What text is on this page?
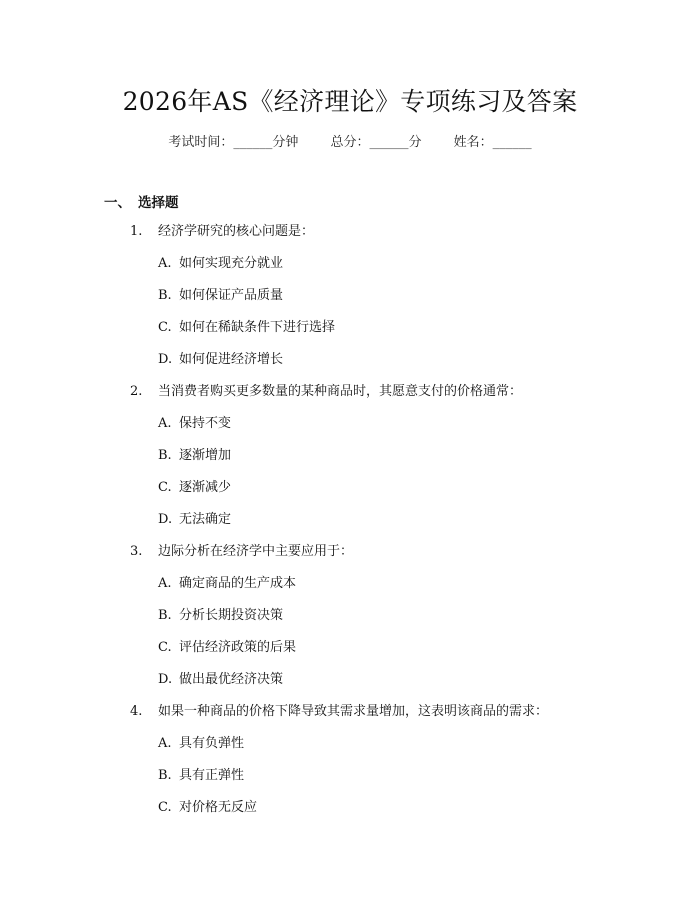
2026年AS《经济理论》专项练习及答案
考试时间：______分钟 总分：______分 姓名：______
一、 选择题
1. 经济学研究的核心问题是：
A. 如何实现充分就业
B. 如何保证产品质量
C. 如何在稀缺条件下进行选择
D. 如何促进经济增长
2. 当消费者购买更多数量的某种商品时，其愿意支付的价格通常：
A. 保持不变
B. 逐渐增加
C. 逐渐减少
D. 无法确定
3. 边际分析在经济学中主要应用于：
A. 确定商品的生产成本
B. 分析长期投资决策
C. 评估经济政策的后果
D. 做出最优经济决策
4. 如果一种商品的价格下降导致其需求量增加，这表明该商品的需求：
A. 具有负弹性
B. 具有正弹性
C. 对价格无反应
